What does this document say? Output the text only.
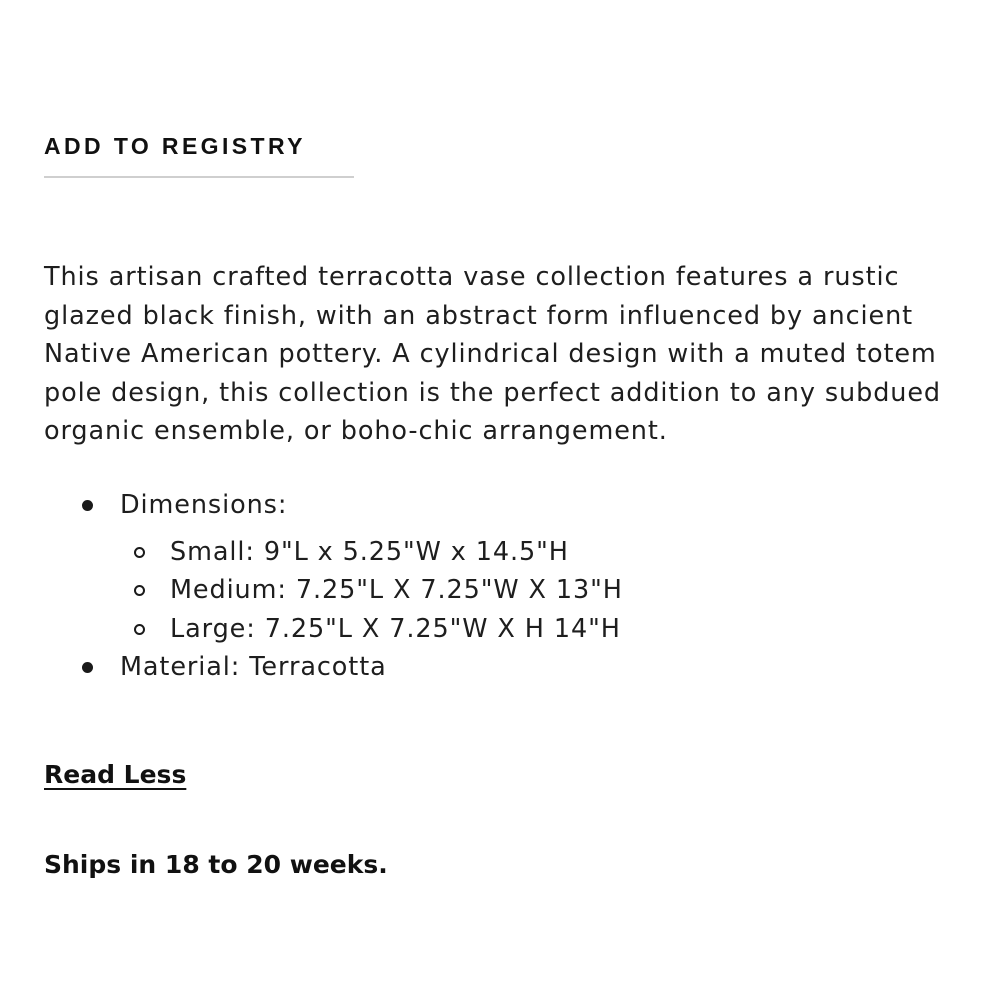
ADD TO REGISTRY

This artisan crafted terracotta vase collection features a rustic glazed black finish, with an abstract form influenced by ancient Native American pottery. A cylindrical design with a muted totem pole design, this collection is the perfect addition to any subdued organic ensemble, or boho-chic arrangement.

Dimensions:
Small: 9"L x 5.25"W x 14.5"H
Medium: 7.25"L X 7.25"W X 13"H
Large: 7.25"L X 7.25"W X H 14"H
Material: Terracotta
Read Less
Ships in 18 to 20 weeks.
